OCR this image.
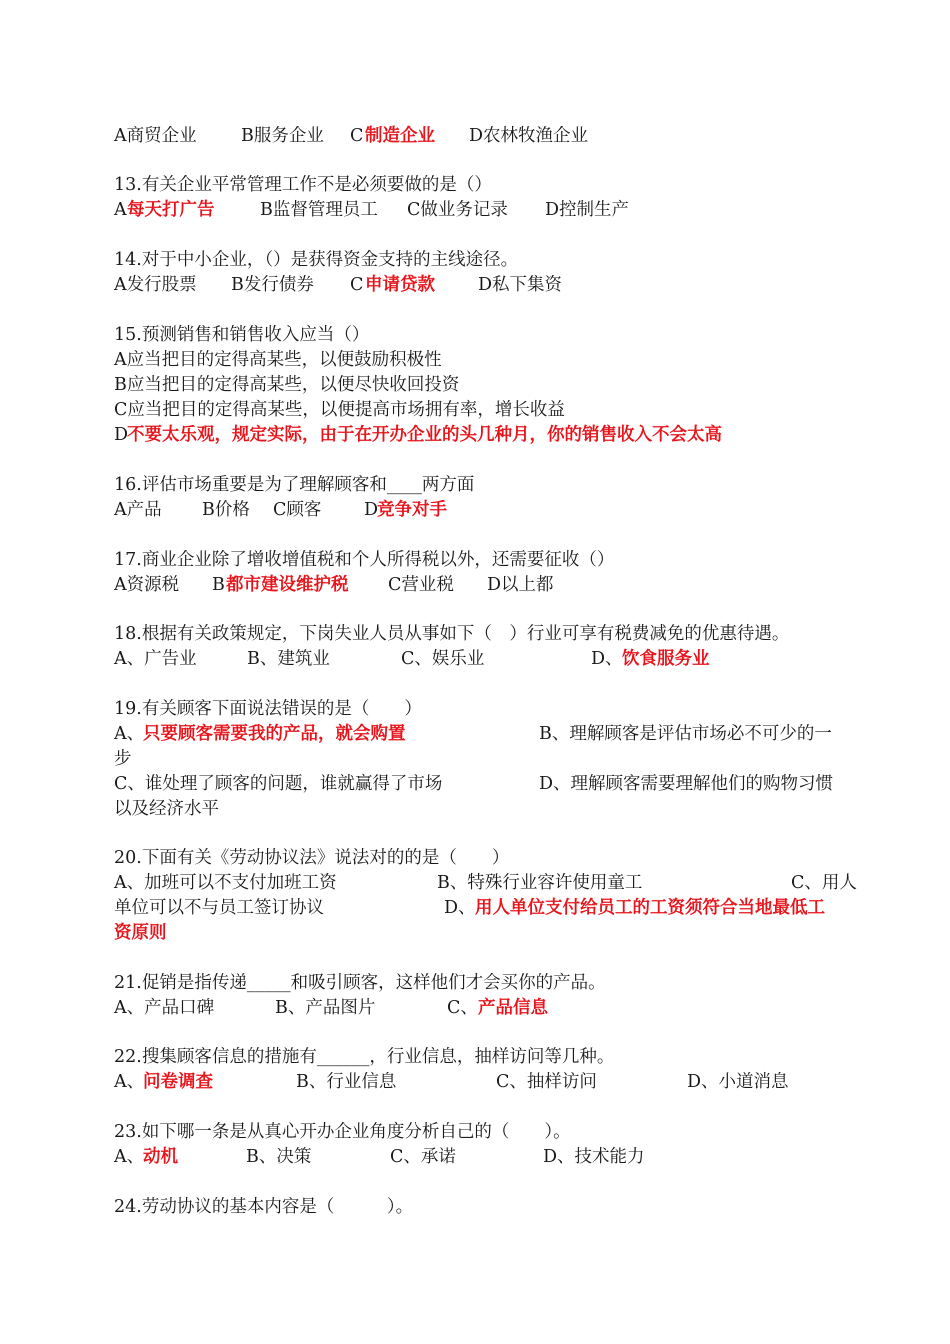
A商贸企业	B服务企业 C 制造企业 D农林牧渔企业
13.有关企业平常管理工作不是必须要做的是（）
A 每天打广告	B监督管理员工 C做业务记录 D控制生产
14.对于中小企业，（）是获得资金支持的主线途径。
A发行股票 B发行债券 C 申请贷款 D私下集资
15.预测销售和销售收入应当（）
A应当把目的定得高某些，以便鼓励积极性
B应当把目的定得高某些，以便尽快收回投资
C应当把目的定得高某些，以便提高市场拥有率，增长收益
D
不要太乐观，规定实际，由于在开办企业的头几种月，你的销售收入不会太高
16.评估市场重要是为了理解顾客和____两方面
A产品 B价格 C顾客 D
竞争对手
17.商业企业除了增收增值税和个人所得税以外，还需要征收（）
A资源税 B 都市建设维护税 C营业税 D以上都
18.根据有关政策规定，下岗失业人员从事如下（　）行业可享有税费减免的优惠待遇。
A、广告业	B、建筑业	C、娱乐业	D、 饮食服务业
19.有关顾客下面说法错误的是（　　）
A、
只要顾客需要我的产品，就会购置	B、理解顾客是评估市场必不可少的一
步
C、谁处理了顾客的问题，谁就赢得了市场	D、理解顾客需要理解他们的购物习惯
以及经济水平
20.下面有关《劳动协议法》说法对的的是（　　）
A、加班可以不支付加班工资	B、特殊行业容许使用童工	C、用人
单位可以不与员工签订协议	D、 用人单位支付给员工的工资须符合当地最低工
资原则
21.促销是指传递_____和吸引顾客，这样他们才会买你的产品。
A、产品口碑	B、产品图片	C、 产品信息
22.搜集顾客信息的措施有______，行业信息，抽样访问等几种。
A、
问卷调查	B、行业信息	C、抽样访问	D、小道消息
23.如下哪一条是从真心开办企业角度分析自己的（　　）。
A、
动机	B、决策	C、承诺	D、技术能力
24.劳动协议的基本内容是（　　　）。
